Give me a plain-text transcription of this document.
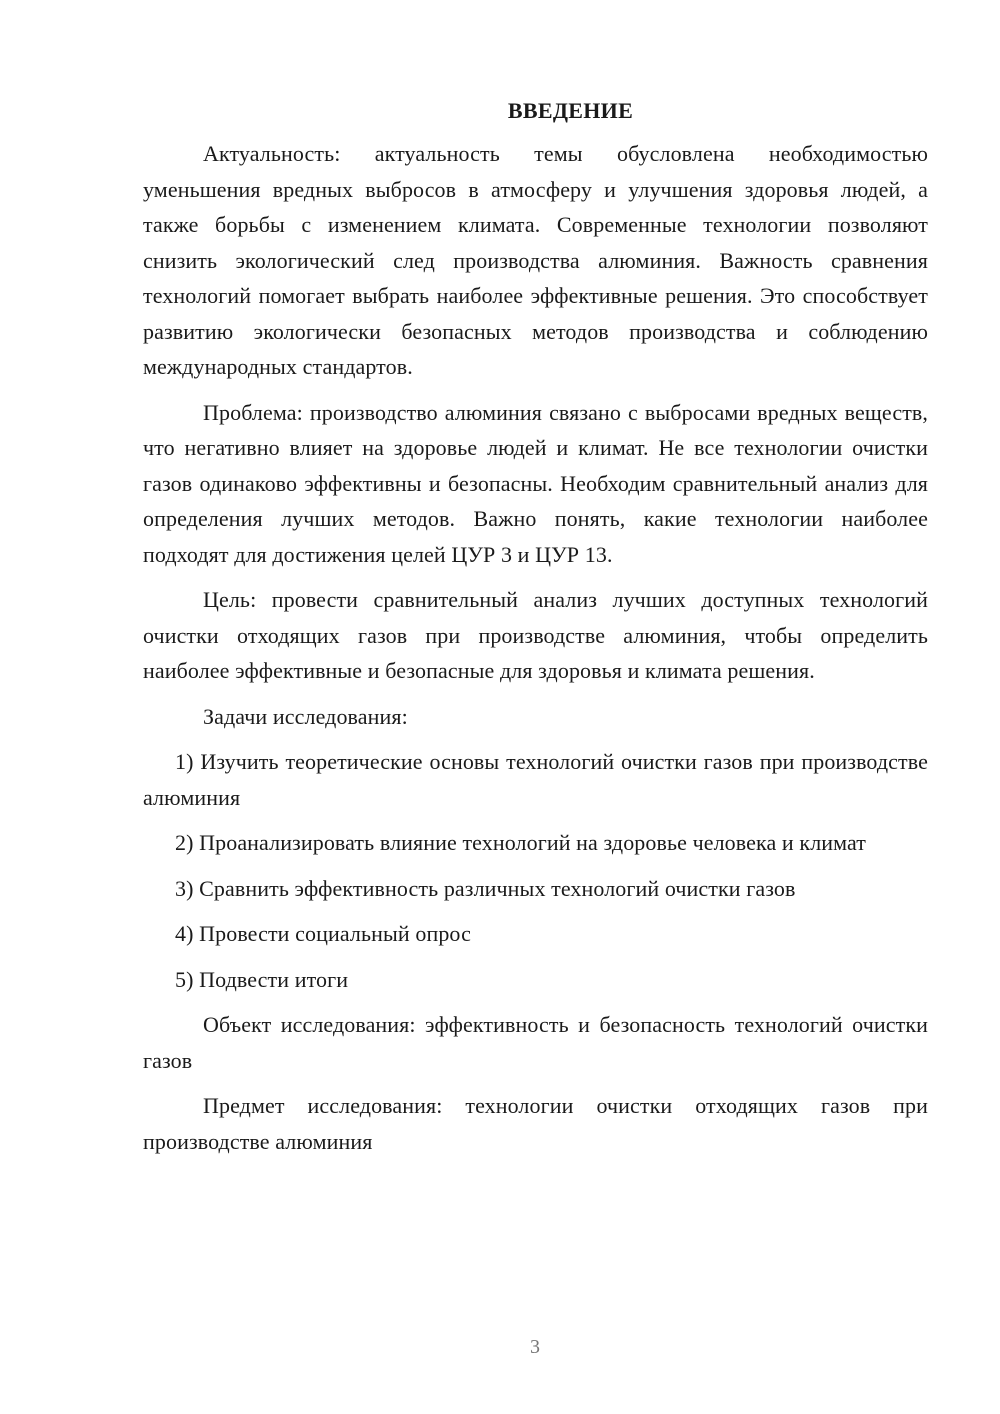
ВВЕДЕНИЕ

Актуальность: актуальность темы обусловлена необходимостью уменьшения вредных выбросов в атмосферу и улучшения здоровья людей, а также борьбы с изменением климата. Современные технологии позволяют снизить экологический след производства алюминия. Важность сравнения технологий помогает выбрать наиболее эффективные решения. Это способствует развитию экологически безопасных методов производства и соблюдению международных стандартов.

Проблема: производство алюминия связано с выбросами вредных веществ, что негативно влияет на здоровье людей и климат. Не все технологии очистки газов одинаково эффективны и безопасны. Необходим сравнительный анализ для определения лучших методов. Важно понять, какие технологии наиболее подходят для достижения целей ЦУР 3 и ЦУР 13.

Цель: провести сравнительный анализ лучших доступных технологий очистки отходящих газов при производстве алюминия, чтобы определить наиболее эффективные и безопасные для здоровья и климата решения.

Задачи исследования:

1) Изучить теоретические основы технологий очистки газов при производстве алюминия

2) Проанализировать влияние технологий на здоровье человека и климат

3) Сравнить эффективность различных технологий очистки газов

4) Провести социальный опрос

5) Подвести итоги

Объект исследования: эффективность и безопасность технологий очистки газов

Предмет исследования: технологии очистки отходящих газов при производстве алюминия

3
